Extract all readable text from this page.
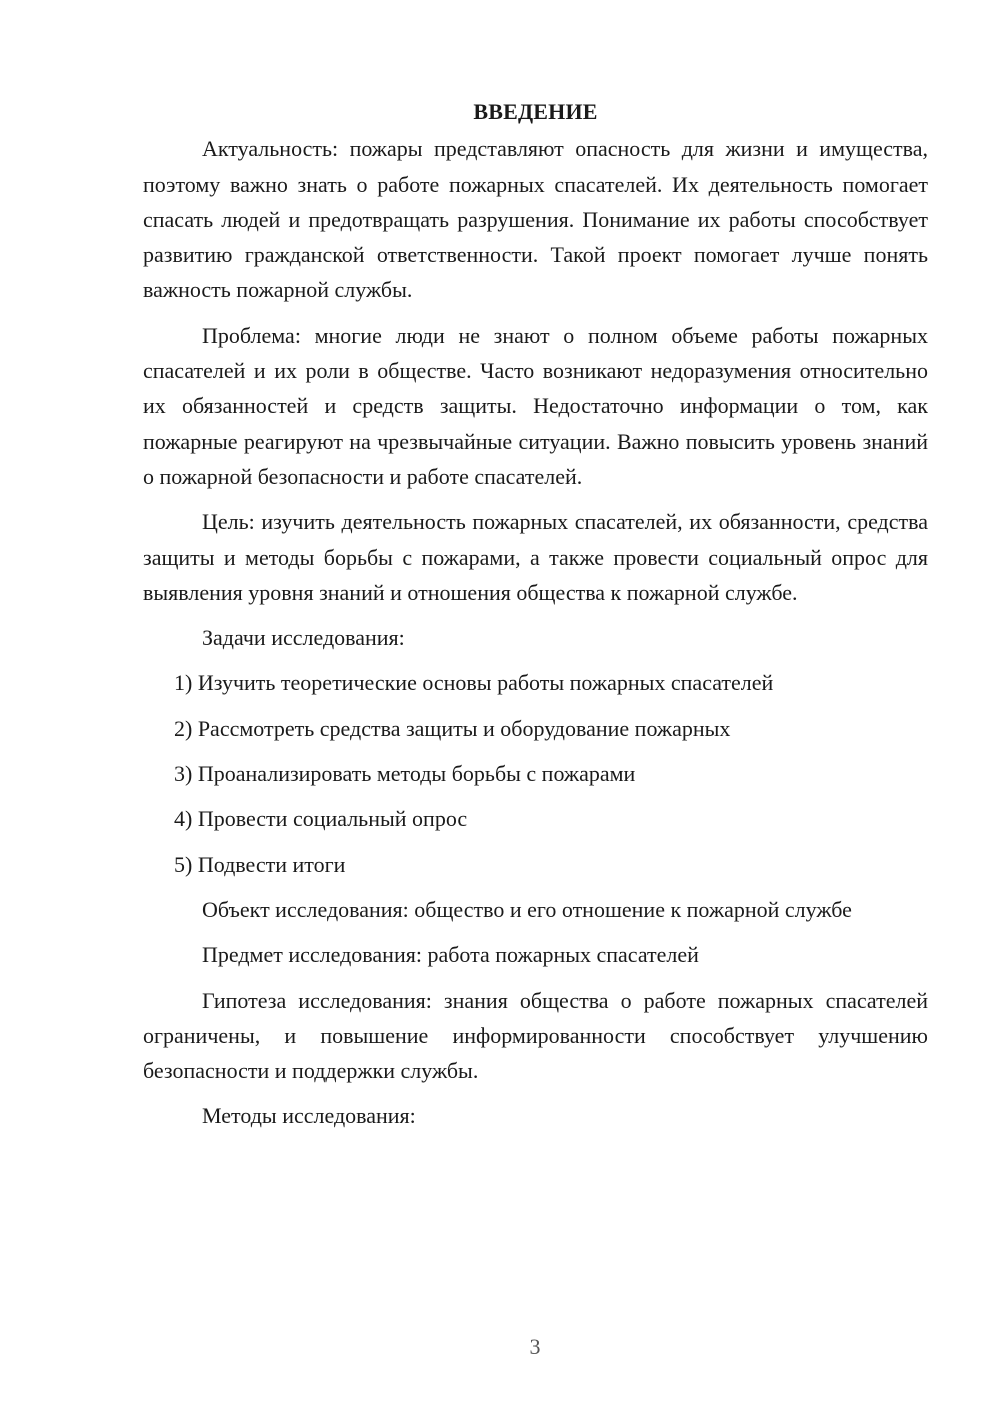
ВВЕДЕНИЕ

Актуальность: пожары представляют опасность для жизни и имущества, поэтому важно знать о работе пожарных спасателей. Их деятельность помогает спасать людей и предотвращать разрушения. Понимание их работы способствует развитию гражданской ответственности. Такой проект помогает лучше понять важность пожарной службы.

Проблема: многие люди не знают о полном объеме работы пожарных спасателей и их роли в обществе. Часто возникают недоразумения относительно их обязанностей и средств защиты. Недостаточно информации о том, как пожарные реагируют на чрезвычайные ситуации. Важно повысить уровень знаний о пожарной безопасности и работе спасателей.

Цель: изучить деятельность пожарных спасателей, их обязанности, средства защиты и методы борьбы с пожарами, а также провести социальный опрос для выявления уровня знаний и отношения общества к пожарной службе.

Задачи исследования:

1) Изучить теоретические основы работы пожарных спасателей
2) Рассмотреть средства защиты и оборудование пожарных
3) Проанализировать методы борьбы с пожарами
4) Провести социальный опрос
5) Подвести итоги

Объект исследования: общество и его отношение к пожарной службе

Предмет исследования: работа пожарных спасателей

Гипотеза исследования: знания общества о работе пожарных спасателей ограничены, и повышение информированности способствует улучшению безопасности и поддержки службы.

Методы исследования:

3
